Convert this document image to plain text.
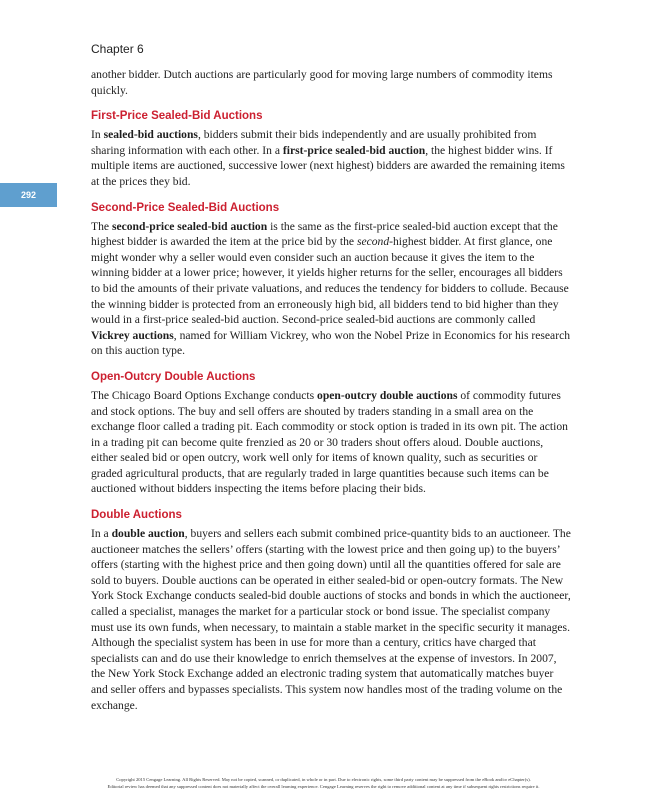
Chapter 6
292

another bidder. Dutch auctions are particularly good for moving large numbers of commodity items quickly.

First-Price Sealed-Bid Auctions

In sealed-bid auctions, bidders submit their bids independently and are usually prohibited from sharing information with each other. In a first-price sealed-bid auction, the highest bidder wins. If multiple items are auctioned, successive lower (next highest) bidders are awarded the remaining items at the prices they bid.

Second-Price Sealed-Bid Auctions

The second-price sealed-bid auction is the same as the first-price sealed-bid auction except that the highest bidder is awarded the item at the price bid by the second-highest bidder. At first glance, one might wonder why a seller would even consider such an auction because it gives the item to the winning bidder at a lower price; however, it yields higher returns for the seller, encourages all bidders to bid the amounts of their private valuations, and reduces the tendency for bidders to collude. Because the winning bidder is protected from an erroneously high bid, all bidders tend to bid higher than they would in a first-price sealed-bid auction. Second-price sealed-bid auctions are commonly called Vickrey auctions, named for William Vickrey, who won the Nobel Prize in Economics for his research on this auction type.

Open-Outcry Double Auctions

The Chicago Board Options Exchange conducts open-outcry double auctions of commodity futures and stock options. The buy and sell offers are shouted by traders standing in a small area on the exchange floor called a trading pit. Each commodity or stock option is traded in its own pit. The action in a trading pit can become quite frenzied as 20 or 30 traders shout offers aloud. Double auctions, either sealed bid or open outcry, work well only for items of known quality, such as securities or graded agricultural products, that are regularly traded in large quantities because such items can be auctioned without bidders inspecting the items before placing their bids.

Double Auctions

In a double auction, buyers and sellers each submit combined price-quantity bids to an auctioneer. The auctioneer matches the sellers’ offers (starting with the lowest price and then going up) to the buyers’ offers (starting with the highest price and then going down) until all the quantities offered for sale are sold to buyers. Double auctions can be operated in either sealed-bid or open-outcry formats. The New York Stock Exchange conducts sealed-bid double auctions of stocks and bonds in which the auctioneer, called a specialist, manages the market for a particular stock or bond issue. The specialist company must use its own funds, when necessary, to maintain a stable market in the specific security it manages. Although the specialist system has been in use for more than a century, critics have charged that specialists can and do use their knowledge to enrich themselves at the expense of investors. In 2007, the New York Stock Exchange added an electronic trading system that automatically matches buyer and seller offers and bypasses specialists. This system now handles most of the trading volume on the exchange.

Copyright 2015 Cengage Learning. All Rights Reserved. May not be copied, scanned, or duplicated, in whole or in part. Due to electronic rights, some third party content may be suppressed from the eBook and/or eChapter(s).
Editorial review has deemed that any suppressed content does not materially affect the overall learning experience. Cengage Learning reserves the right to remove additional content at any time if subsequent rights restrictions require it.
